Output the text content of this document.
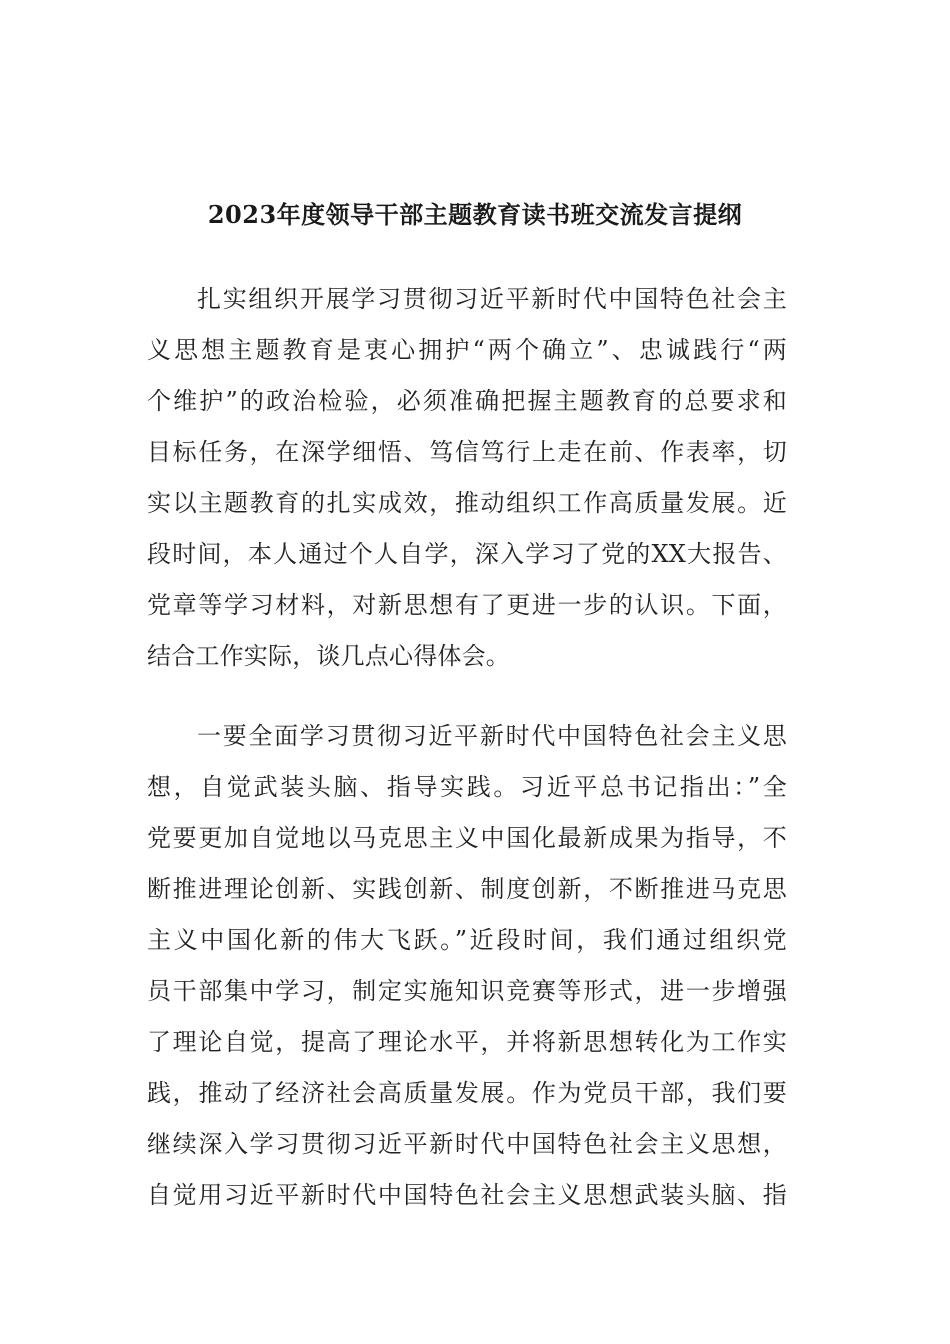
2023年度领导干部主题教育读书班交流发言提纲
扎实组织开展学习贯彻习近平新时代中国特色社会主
义思想主题教育是衷心拥护“两个确立”、忠诚践行“两
个维护”的政治检验，必须准确把握主题教育的总要求和
目标任务，在深学细悟、笃信笃行上走在前、作表率，切
实以主题教育的扎实成效，推动组织工作高质量发展。近
段时间，本人通过个人自学，深入学习了党的XX大报告、
党章等学习材料，对新思想有了更进一步的认识。下面，
结合工作实际，谈几点心得体会。
一要全面学习贯彻习近平新时代中国特色社会主义思
想，自觉武装头脑、指导实践。习近平总书记指出：”全
党要更加自觉地以马克思主义中国化最新成果为指导，不
断推进理论创新、实践创新、制度创新，不断推进马克思
主义中国化新的伟大飞跃。”近段时间，我们通过组织党
员干部集中学习，制定实施知识竞赛等形式，进一步增强
了理论自觉，提高了理论水平，并将新思想转化为工作实
践，推动了经济社会高质量发展。作为党员干部，我们要
继续深入学习贯彻习近平新时代中国特色社会主义思想，
自觉用习近平新时代中国特色社会主义思想武装头脑、指
